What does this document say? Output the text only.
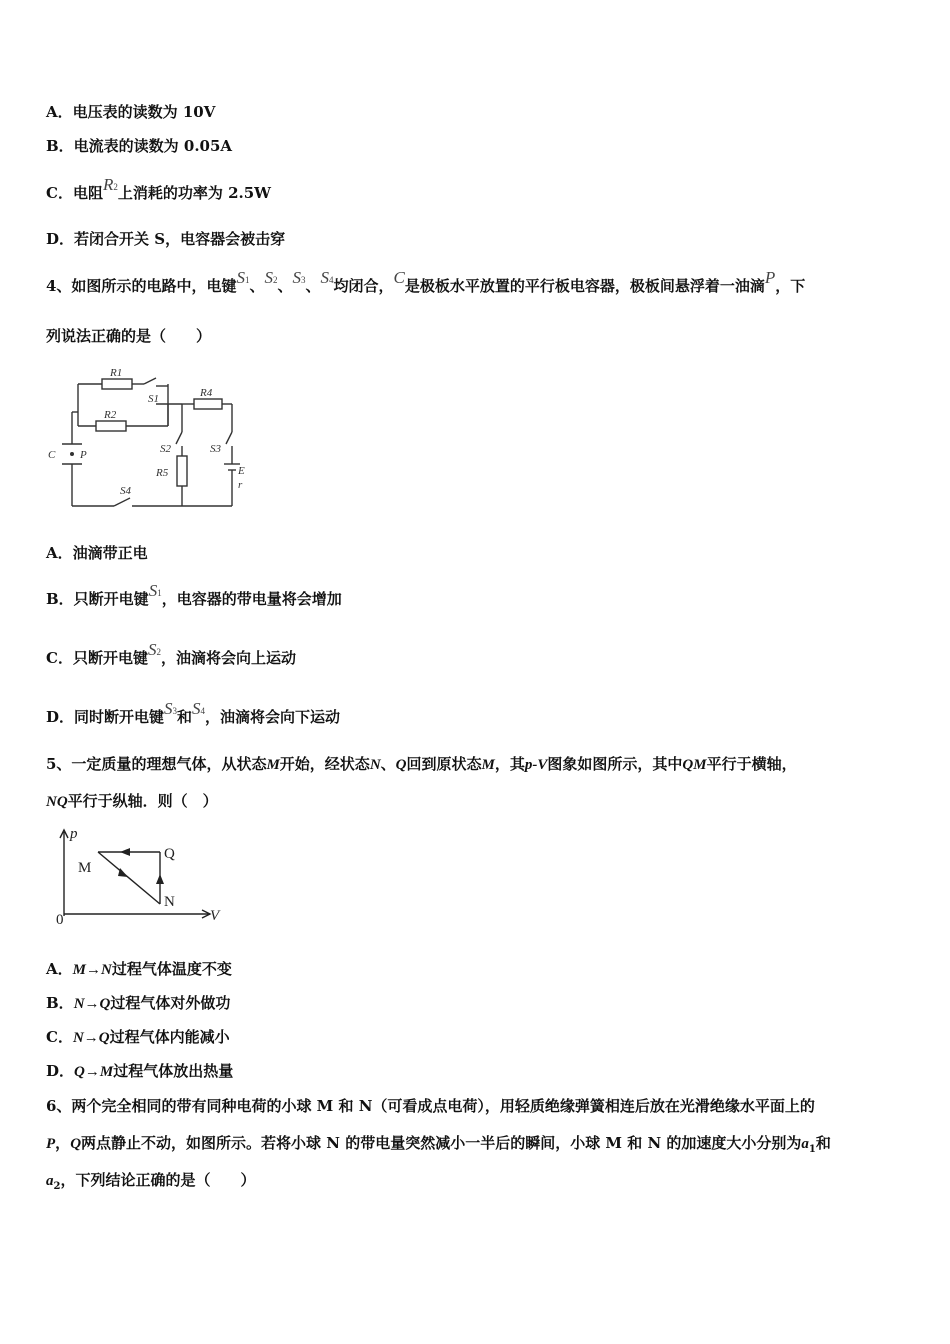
A．电压表的读数为 10V
B．电流表的读数为 0.05A
C．电阻R2上消耗的功率为 2.5W
D．若闭合开关 S，电容器会被击穿
4、如图所示的电路中，电键S1、S2、S3、S4均闭合，C是极板水平放置的平行板电容器，极板间悬浮着一油滴P，下
列说法正确的是（　　）
R1
S1
R2
R4
S2	S3
C P
R5	E
r
S4
A．油滴带正电
B．只断开电键S1，电容器的带电量将会增加
C．只断开电键S2，油滴将会向上运动
D．同时断开电键S3和S4，油滴将会向下运动
5、一定质量的理想气体，从状态M开始，经状态N、Q回到原状态M，其p-V图象如图所示，其中QM平行于横轴，
NQ平行于纵轴．则（　）
p
V
0
M
Q
N
A．M→N过程气体温度不变
B．N→Q过程气体对外做功
C．N→Q过程气体内能减小
D．Q→M过程气体放出热量
6、两个完全相同的带有同种电荷的小球 M 和 N（可看成点电荷），用轻质绝缘弹簧相连后放在光滑绝缘水平面上的
P，Q两点静止不动，如图所示。若将小球 N 的带电量突然减小一半后的瞬间，小球 M 和 N 的加速度大小分别为$a_1$和
$a_2$，下列结论正确的是（　　）
